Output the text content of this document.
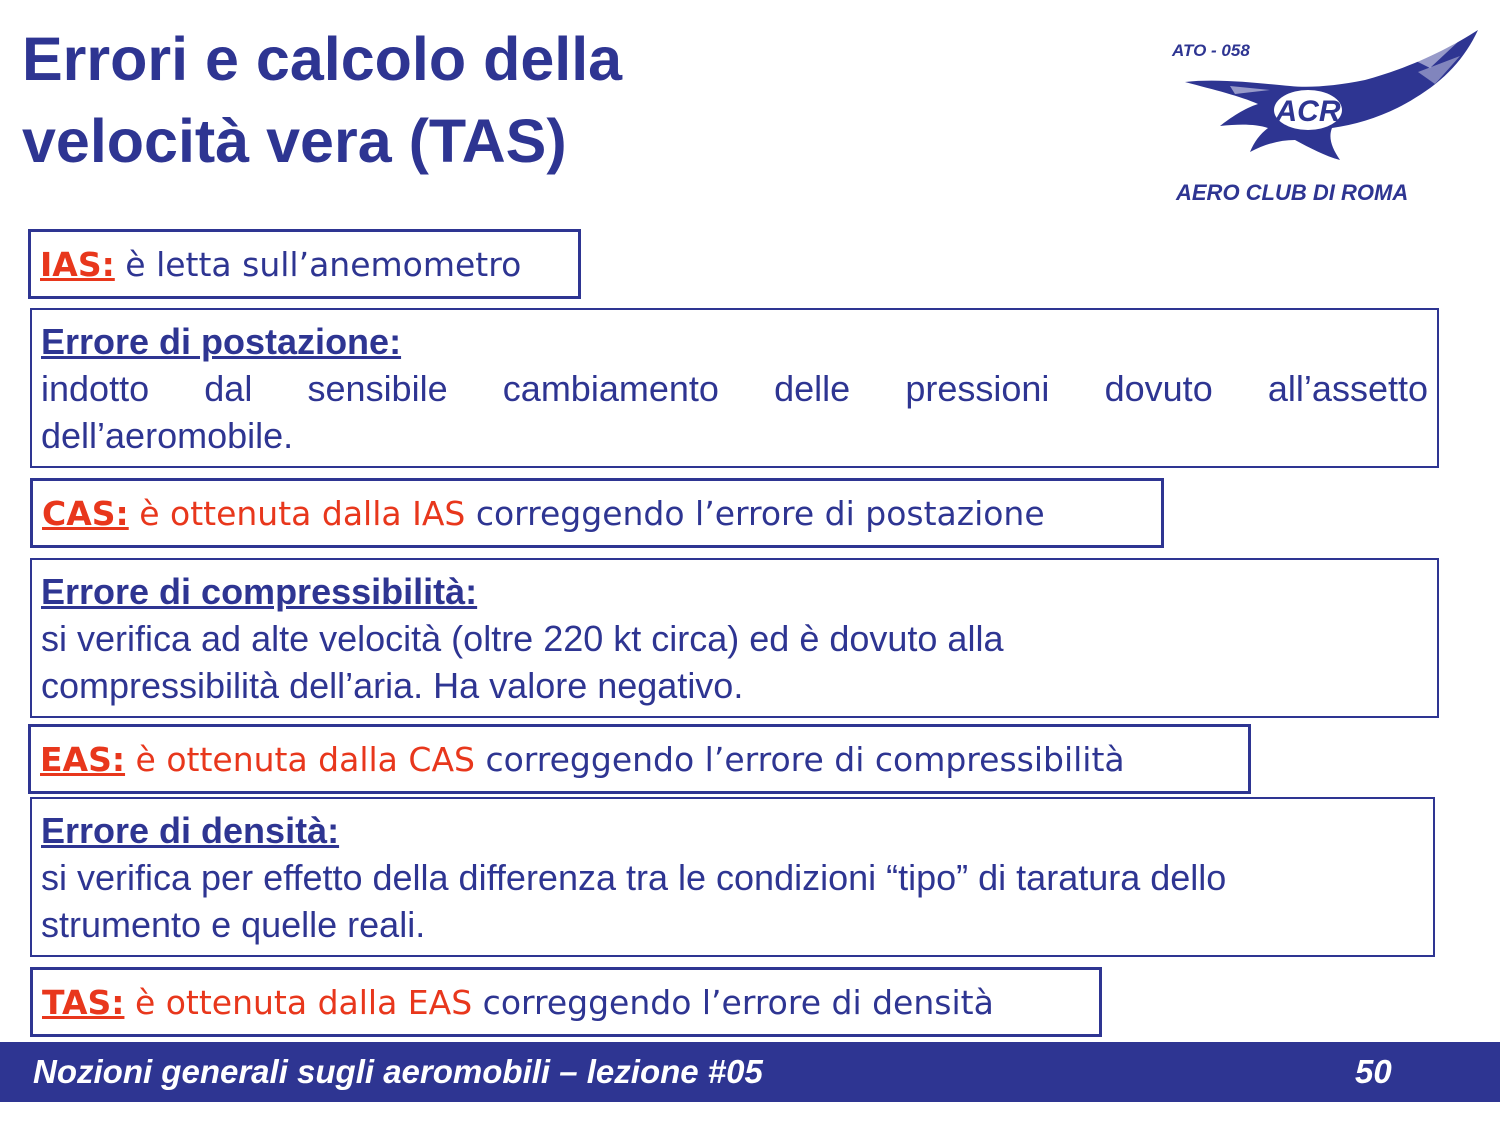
Errori e calcolo della
velocità vera (TAS)
ATO - 058
ACR
AERO CLUB DI ROMA
IAS: è letta sull’anemometro
Errore di postazione:
indotto dal sensibile cambiamento delle pressioni dovuto all’assetto
dell’aeromobile.
CAS: è ottenuta dalla IAS correggendo l’errore di postazione
Errore di compressibilità:
si verifica ad alte velocità (oltre 220 kt circa) ed è dovuto alla
compressibilità dell’aria. Ha valore negativo.
EAS: è ottenuta dalla CAS correggendo l’errore di compressibilità
Errore di densità:
si verifica per effetto della differenza tra le condizioni “tipo” di taratura dello
strumento e quelle reali.
TAS: è ottenuta dalla EAS correggendo l’errore di densità
Nozioni generali sugli aeromobili – lezione #05	50
